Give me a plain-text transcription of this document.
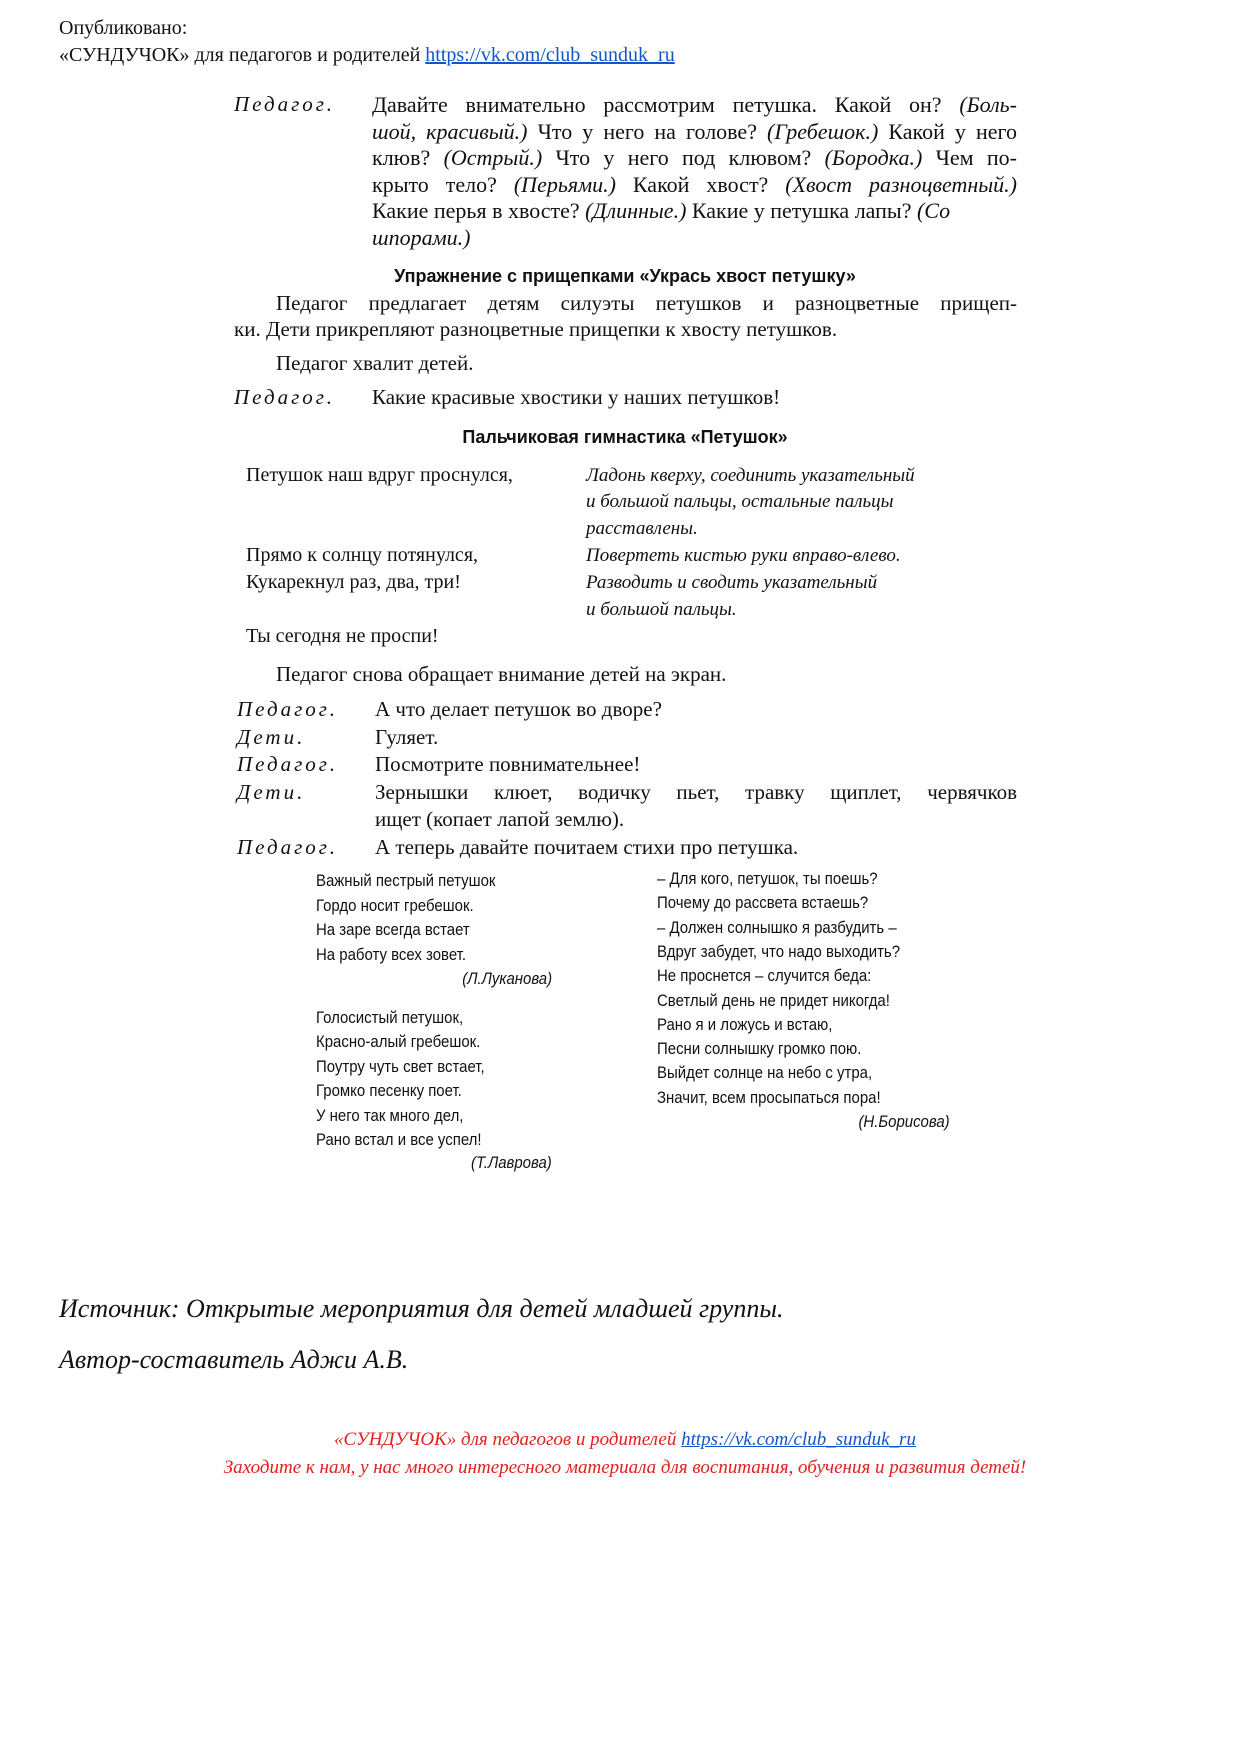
Опубликовано:
«СУНДУЧОК» для педагогов и родителей https://vk.com/club_sunduk_ru
Педагог. Давайте внимательно рассмотрим петушка. Какой он? (Боль-
шой, красивый.) Что у него на голове? (Гребешок.) Какой у него
клюв? (Острый.) Что у него под клювом? (Бородка.) Чем по-
крыто тело? (Перьями.) Какой хвост? (Хвост разноцветный.)
Какие перья в хвосте? (Длинные.) Какие у петушка лапы? (Со
шпорами.)
Упражнение с прищепками «Укрась хвост петушку»
Педагог предлагает детям силуэты петушков и разноцветные прищеп-
ки. Дети прикрепляют разноцветные прищепки к хвосту петушков.
Педагог хвалит детей.
Педагог. Какие красивые хвостики у наших петушков!
Пальчиковая гимнастика «Петушок»
Петушок наш вдруг проснулся,
Прямо к солнцу потянулся,
Кукарекнул раз, два, три!
Ты сегодня не проспи!
Ладонь кверху, соединить указательный
и большой пальцы, остальные пальцы
расставлены.
Повертеть кистью руки вправо-влево.
Разводить и сводить указательный
и большой пальцы.
Педагог снова обращает внимание детей на экран.
Педагог. А что делает петушок во дворе?
Дети.	Гуляет.
Педагог. Посмотрите повнимательнее!
Дети.	Зернышки клюет, водичку пьет, травку щиплет, червячков
ищет (копает лапой землю).
Педагог. А теперь давайте почитаем стихи про петушка.
Важный пестрый петушок
Гордо носит гребешок.
На заре всегда встает
На работу всех зовет.
(Л.Луканова)
Голосистый петушок,
Красно-алый гребешок.
Поутру чуть свет встает,
Громко песенку поет.
У него так много дел,
Рано встал и все успел!
(Т.Лаврова)
– Для кого, петушок, ты поешь?
Почему до рассвета встаешь?
– Должен солнышко я разбудить –
Вдруг забудет, что надо выходить?
Не проснется – случится беда:
Светлый день не придет никогда!
Рано я и ложусь и встаю,
Песни солнышку громко пою.
Выйдет солнце на небо с утра,
Значит, всем просыпаться пора!
(Н.Борисова)
Источник: Открытые мероприятия для детей младшей группы.
Автор-составитель Аджи А.В.
«СУНДУЧОК» для педагогов и родителей https://vk.com/club_sunduk_ru
Заходите к нам, у нас много интересного материала для воспитания, обучения и развития детей!
